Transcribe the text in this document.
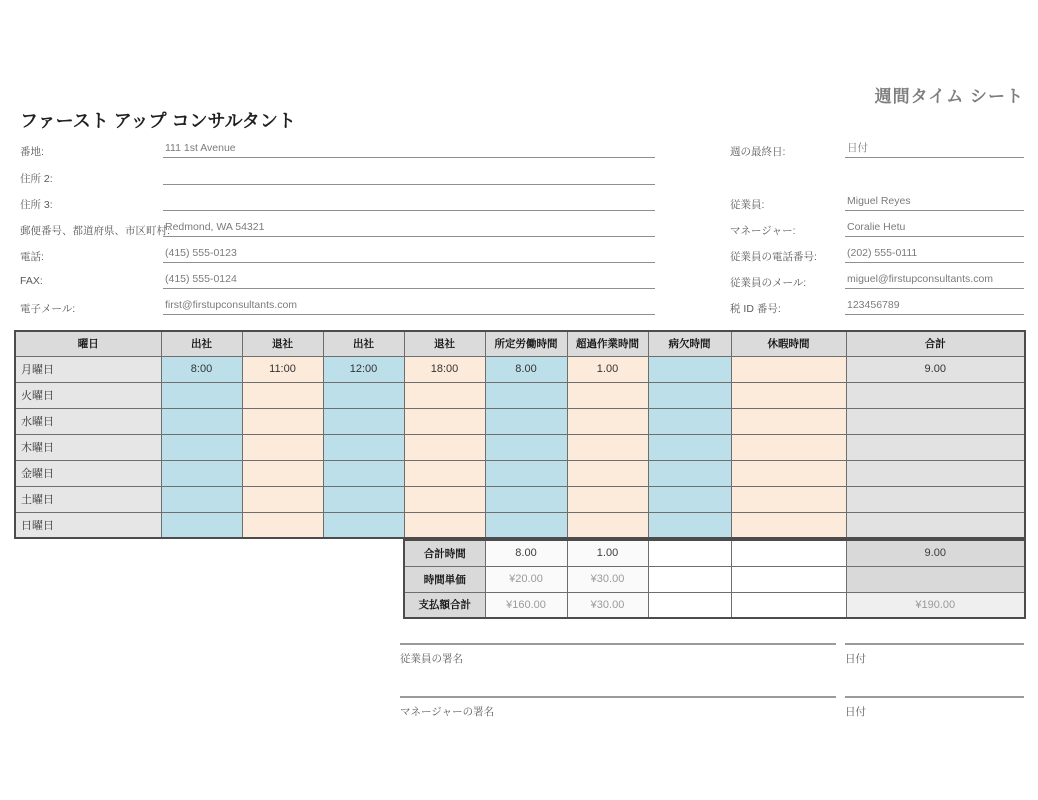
週間タイム シート
ファースト アップ コンサルタント
番地:	111 1st Avenue
住所 2:
住所 3:
郵便番号、都道府県、市区町村:
Redmond, WA 54321
電話:	(415) 555-0123
FAX:	(415) 555-0124
電子メール:	first@firstupconsultants.com
週の最終日:	日付
従業員:	Miguel Reyes
マネージャー:	Coralie Hetu
従業員の電話番号:	(202) 555-0111
従業員のメール:	miguel@firstupconsultants.com
税 ID 番号:	123456789
曜日	出社	退社	出社	退社	所定労働時間	超過作業時間	病欠時間	休暇時間	合計
月曜日	8:00	11:00	12:00	18:00	8.00	1.00			9.00
火曜日									
水曜日									
木曜日									
金曜日									
土曜日									
日曜日									
合計時間	8.00	1.00			9.00
時間単価	¥20.00	¥30.00			
支払額合計	¥160.00	¥30.00			¥190.00
従業員の署名	日付
マネージャーの署名	日付
